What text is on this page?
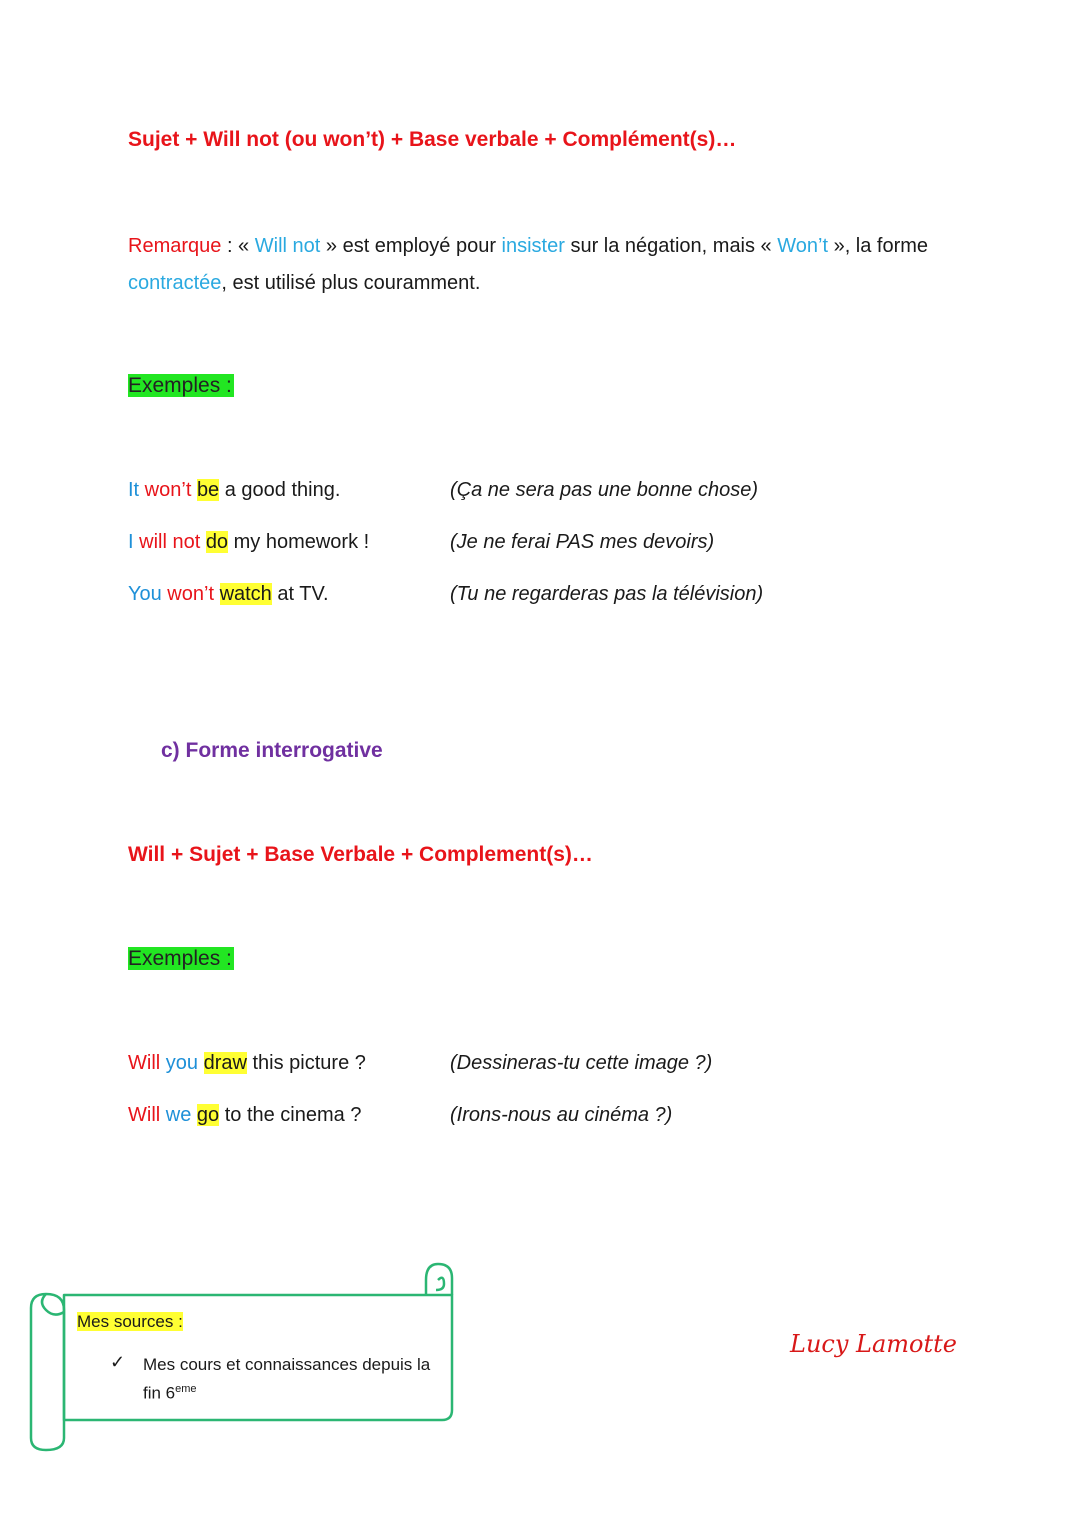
Sujet + Will not (ou won’t) + Base verbale + Complément(s)…
Remarque : « Will not » est employé pour insister sur la négation, mais « Won’t », la forme contractée, est utilisé plus couramment.
Exemples :
It won’t be a good thing.	(Ça ne sera pas une bonne chose)
I will not do my homework !	(Je ne ferai PAS mes devoirs)
You won’t watch at TV.	(Tu ne regarderas pas la télévision)
c) Forme interrogative
Will + Sujet + Base Verbale + Complement(s)…
Exemples :
Will you draw this picture ?	(Dessineras-tu cette image ?)
Will we go to the cinema ?	(Irons-nous au cinéma ?)
Mes sources :
✓ Mes cours et connaissances depuis la fin 6eme
Lucy Lamotte
